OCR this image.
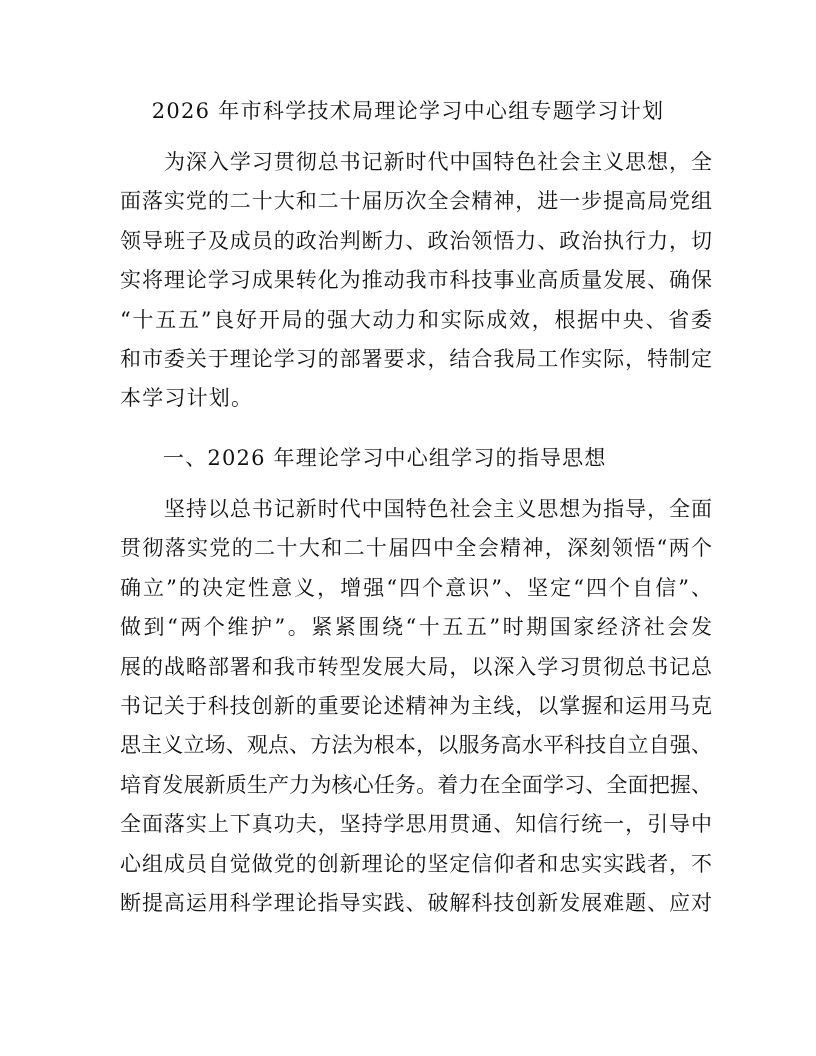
2026 年市科学技术局理论学习中心组专题学习计划
为深入学习贯彻总书记新时代中国特色社会主义思想，全
面落实党的二十大和二十届历次全会精神，进一步提高局党组
领导班子及成员的政治判断力、政治领悟力、政治执行力，切
实将理论学习成果转化为推动我市科技事业高质量发展、确保
“十五五”良好开局的强大动力和实际成效，根据中央、省委
和市委关于理论学习的部署要求，结合我局工作实际，特制定
本学习计划。
一、2026 年理论学习中心组学习的指导思想
坚持以总书记新时代中国特色社会主义思想为指导，全面
贯彻落实党的二十大和二十届四中全会精神，深刻领悟“两个
确立”的决定性意义，增强“四个意识”、坚定“四个自信”、
做到“两个维护”。紧紧围绕“十五五”时期国家经济社会发
展的战略部署和我市转型发展大局，以深入学习贯彻总书记总
书记关于科技创新的重要论述精神为主线，以掌握和运用马克
思主义立场、观点、方法为根本，以服务高水平科技自立自强、
培育发展新质生产力为核心任务。着力在全面学习、全面把握、
全面落实上下真功夫，坚持学思用贯通、知信行统一，引导中
心组成员自觉做党的创新理论的坚定信仰者和忠实实践者，不
断提高运用科学理论指导实践、破解科技创新发展难题、应对
